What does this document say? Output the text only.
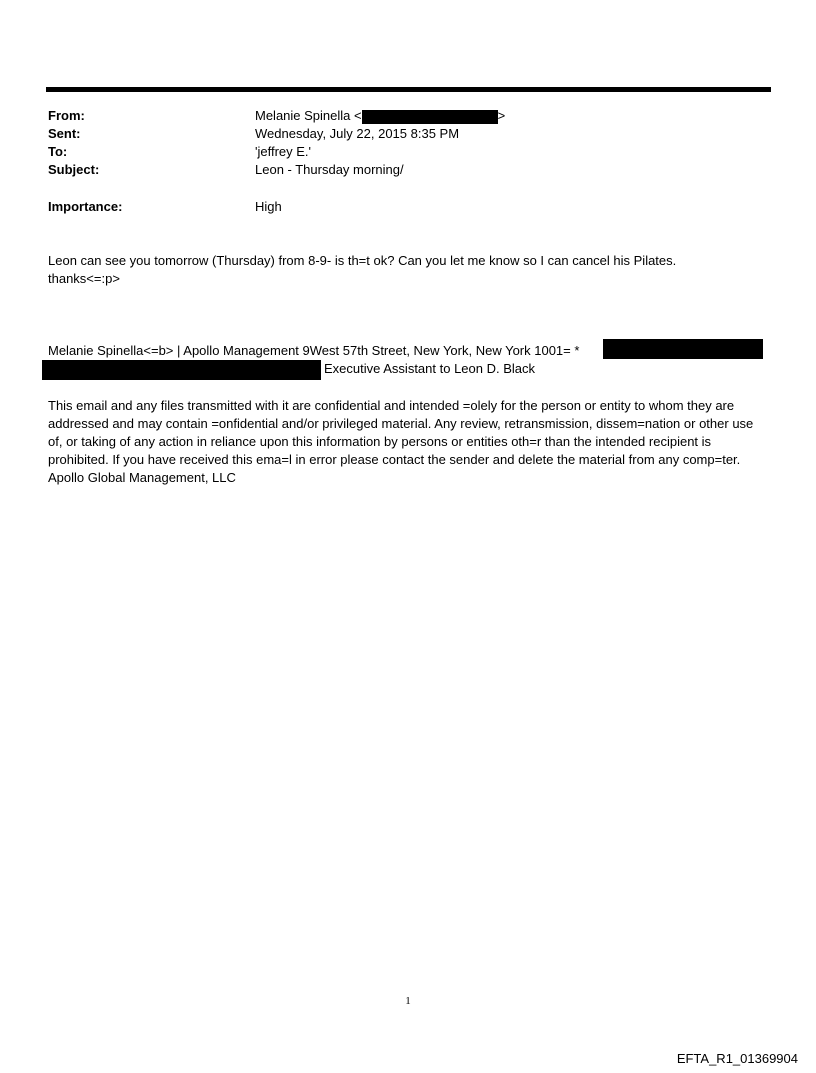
From:	Melanie Spinella <	>
Sent:	Wednesday, July 22, 2015 8:35 PM
To:	'jeffrey E.'
Subject:	Leon - Thursday morning/
Importance:	High
Leon can see you tomorrow (Thursday) from 8-9- is th=t ok? Can you let me know so I can cancel his Pilates.
thanks<=:p>
Melanie Spinella<=b> | Apollo Management 9West 57th Street, New York, New York 1001= *
Executive Assistant to Leon D. Black
This email and any files transmitted with it are confidential and intended =olely for the person or entity to whom they are addressed and may contain =onfidential and/or privileged material. Any review, retransmission, dissem=nation or other use of, or taking of any action in reliance upon this information by persons or entities oth=r than the intended recipient is prohibited. If you have received this ema=l in error please contact the sender and delete the material from any comp=ter. Apollo Global Management, LLC
1
EFTA_R1_01369904
